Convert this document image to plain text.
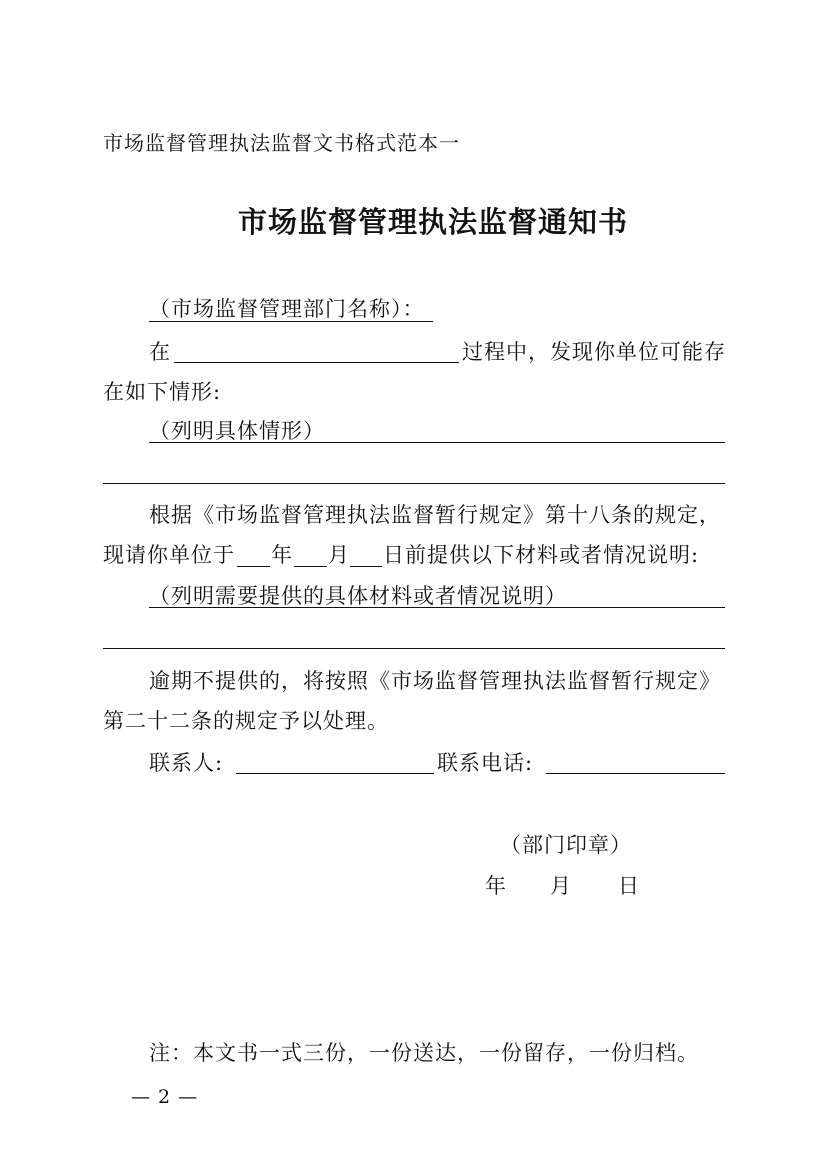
市场监督管理执法监督文书格式范本一
市场监督管理执法监督通知书
（市场监督管理部门名称）：
在	过程中，发现你单位可能存
在如下情形:
（列明具体情形）
根据《市场监督管理执法监督暂行规定》第十八条的规定，
现请你单位于 年 月 日前提供以下材料或者情况说明:
（列明需要提供的具体材料或者情况说明）
逾期不提供的，将按照《市场监督管理执法监督暂行规定》
第二十二条的规定予以处理。
联系人:	联系电话:
（部门印章）
年 月 日
注：本文书一式三份，一份送达，一份留存，一份归档。
— 2 —
